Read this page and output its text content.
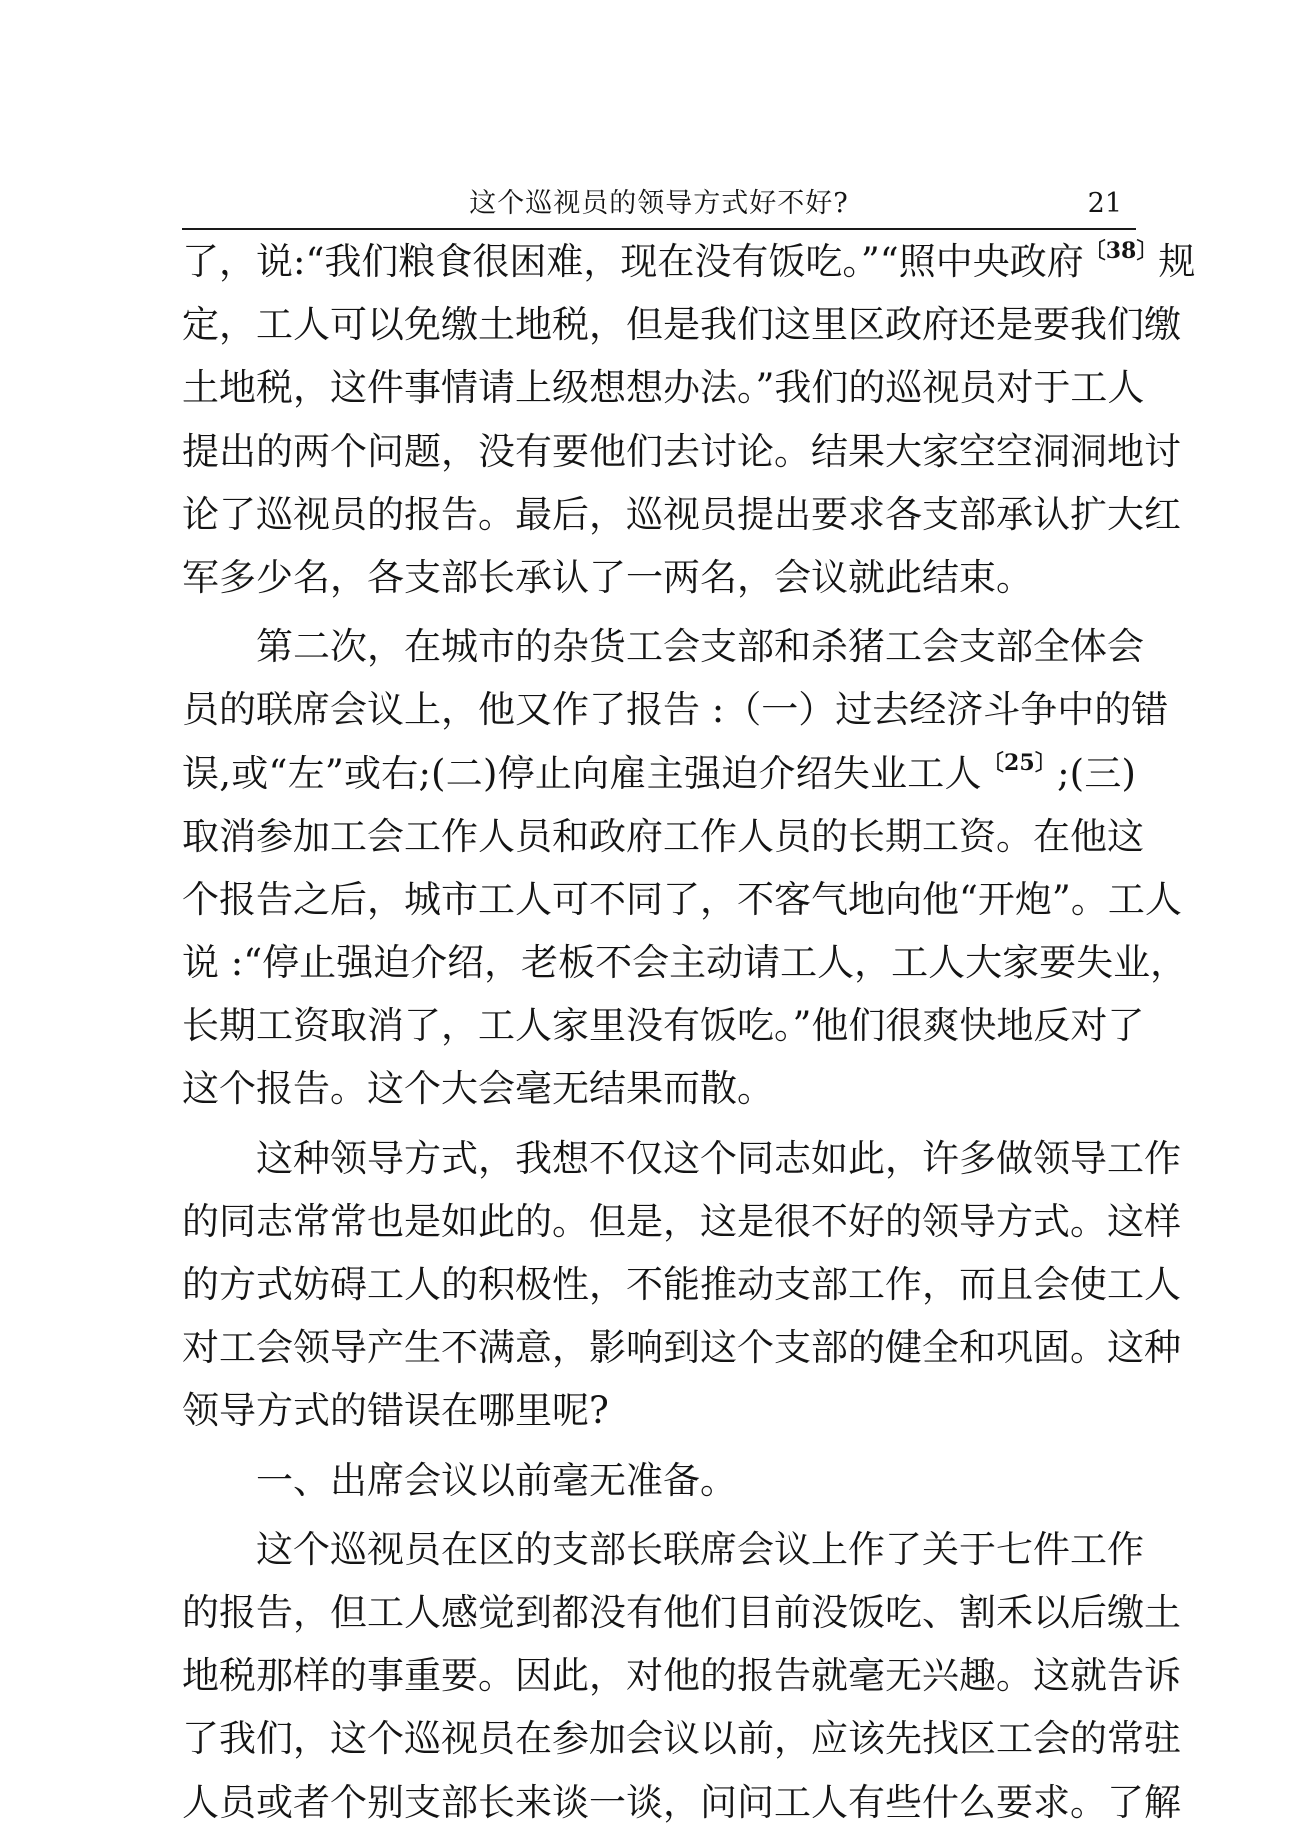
这个巡视员的领导方式好不好?	21
了，说:“我们粮食很困难，现在没有饭吃。”“照中央政府$^{〔38〕}$规
定，工人可以免缴土地税，但是我们这里区政府还是要我们缴
土地税，这件事情请上级想想办法。”我们的巡视员对于工人
提出的两个问题，没有要他们去讨论。结果大家空空洞洞地讨
论了巡视员的报告。最后，巡视员提出要求各支部承认扩大红
军多少名，各支部长承认了一两名，会议就此结束。
第二次，在城市的杂货工会支部和杀猪工会支部全体会
员的联席会议上，他又作了报告 :（一）过去经济斗争中的错
误,或“左”或右;(二)停止向雇主强迫介绍失业工人$^{〔25〕}$;(三)
取消参加工会工作人员和政府工作人员的长期工资。在他这
个报告之后，城市工人可不同了，不客气地向他“开炮”。工人
说 :“停止强迫介绍，老板不会主动请工人，工人大家要失业，
长期工资取消了，工人家里没有饭吃。”他们很爽快地反对了
这个报告。这个大会毫无结果而散。
这种领导方式，我想不仅这个同志如此，许多做领导工作
的同志常常也是如此的。但是，这是很不好的领导方式。这样
的方式妨碍工人的积极性，不能推动支部工作，而且会使工人
对工会领导产生不满意，影响到这个支部的健全和巩固。这种
领导方式的错误在哪里呢?
一、出席会议以前毫无准备。
这个巡视员在区的支部长联席会议上作了关于七件工作
的报告，但工人感觉到都没有他们目前没饭吃、割禾以后缴土
地税那样的事重要。因此，对他的报告就毫无兴趣。这就告诉
了我们，这个巡视员在参加会议以前，应该先找区工会的常驻
人员或者个别支部长来谈一谈，问问工人有些什么要求。了解
